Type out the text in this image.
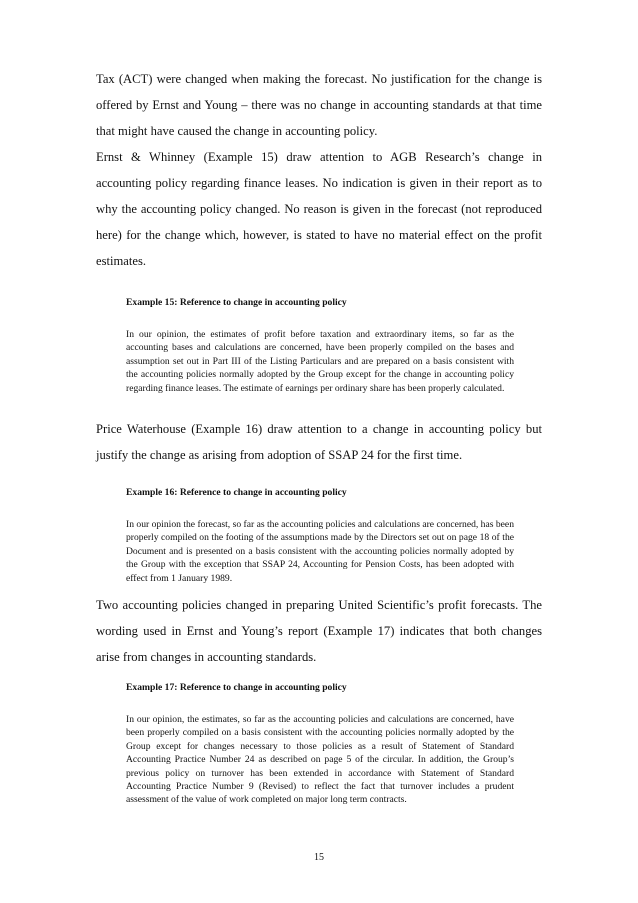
Tax (ACT) were changed when making the forecast. No justification for the change is offered by Ernst and Young – there was no change in accounting standards at that time that might have caused the change in accounting policy.

Ernst & Whinney (Example 15) draw attention to AGB Research’s change in accounting policy regarding finance leases. No indication is given in their report as to why the accounting policy changed. No reason is given in the forecast (not reproduced here) for the change which, however, is stated to have no material effect on the profit estimates.

Example 15: Reference to change in accounting policy

In our opinion, the estimates of profit before taxation and extraordinary items, so far as the accounting bases and calculations are concerned, have been properly compiled on the bases and assumption set out in Part III of the Listing Particulars and are prepared on a basis consistent with the accounting policies normally adopted by the Group except for the change in accounting policy regarding finance leases. The estimate of earnings per ordinary share has been properly calculated.

Price Waterhouse (Example 16) draw attention to a change in accounting policy but justify the change as arising from adoption of SSAP 24 for the first time.

Example 16: Reference to change in accounting policy

In our opinion the forecast, so far as the accounting policies and calculations are concerned, has been properly compiled on the footing of the assumptions made by the Directors set out on page 18 of the Document and is presented on a basis consistent with the accounting policies normally adopted by the Group with the exception that SSAP 24, Accounting for Pension Costs, has been adopted with effect from 1 January 1989.

Two accounting policies changed in preparing United Scientific’s profit forecasts. The wording used in Ernst and Young’s report (Example 17) indicates that both changes arise from changes in accounting standards.

Example 17: Reference to change in accounting policy

In our opinion, the estimates, so far as the accounting policies and calculations are concerned, have been properly compiled on a basis consistent with the accounting policies normally adopted by the Group except for changes necessary to those policies as a result of Statement of Standard Accounting Practice Number 24 as described on page 5 of the circular. In addition, the Group’s previous policy on turnover has been extended in accordance with Statement of Standard Accounting Practice Number 9 (Revised) to reflect the fact that turnover includes a prudent assessment of the value of work completed on major long term contracts.

15
